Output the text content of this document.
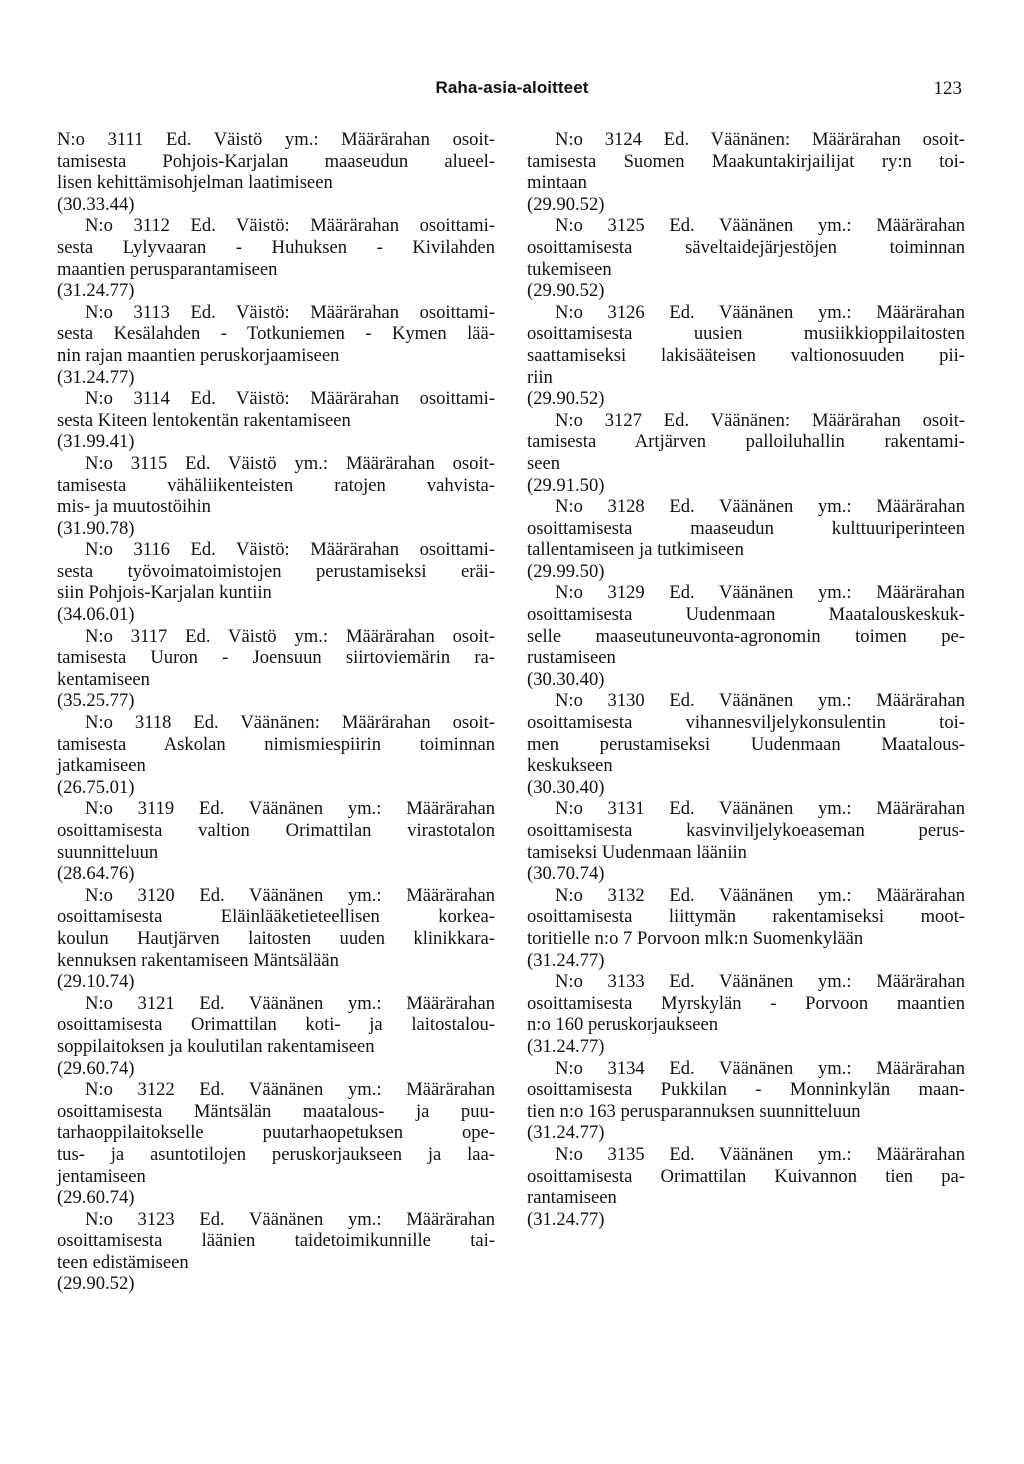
Raha-asia-aloitteet	123
N:o 3111 Ed. Väistö ym.: Määrärahan osoit-
tamisesta Pohjois-Karjalan maaseudun alueel-
lisen kehittämisohjelman laatimiseen
(30.33.44)
N:o 3112 Ed. Väistö: Määrärahan osoittami-
sesta Lylyvaaran - Huhuksen - Kivilahden
maantien perusparantamiseen
(31.24.77)
N:o 3113 Ed. Väistö: Määrärahan osoittami-
sesta Kesälahden - Totkuniemen - Kymen lää-
nin rajan maantien peruskorjaamiseen
(31.24.77)
N:o 3114 Ed. Väistö: Määrärahan osoittami-
sesta Kiteen lentokentän rakentamiseen
(31.99.41)
N:o 3115 Ed. Väistö ym.: Määrärahan osoit-
tamisesta vähäliikenteisten ratojen vahvista-
mis- ja muutostöihin
(31.90.78)
N:o 3116 Ed. Väistö: Määrärahan osoittami-
sesta työvoimatoimistojen perustamiseksi eräi-
siin Pohjois-Karjalan kuntiin
(34.06.01)
N:o 3117 Ed. Väistö ym.: Määrärahan osoit-
tamisesta Uuron - Joensuun siirtoviemärin ra-
kentamiseen
(35.25.77)
N:o 3118 Ed. Väänänen: Määrärahan osoit-
tamisesta Askolan nimismiespiirin toiminnan
jatkamiseen
(26.75.01)
N:o 3119 Ed. Väänänen ym.: Määrärahan
osoittamisesta valtion Orimattilan virastotalon
suunnitteluun
(28.64.76)
N:o 3120 Ed. Väänänen ym.: Määrärahan
osoittamisesta Eläinlääketieteellisen korkea-
koulun Hautjärven laitosten uuden klinikkara-
kennuksen rakentamiseen Mäntsälään
(29.10.74)
N:o 3121 Ed. Väänänen ym.: Määrärahan
osoittamisesta Orimattilan koti- ja laitostalou-
soppilaitoksen ja koulutilan rakentamiseen
(29.60.74)
N:o 3122 Ed. Väänänen ym.: Määrärahan
osoittamisesta Mäntsälän maatalous- ja puu-
tarhaoppilaitokselle puutarhaopetuksen ope-
tus- ja asuntotilojen peruskorjaukseen ja laa-
jentamiseen
(29.60.74)
N:o 3123 Ed. Väänänen ym.: Määrärahan
osoittamisesta läänien taidetoimikunnille tai-
teen edistämiseen
(29.90.52)
N:o 3124 Ed. Väänänen: Määrärahan osoit-
tamisesta Suomen Maakuntakirjailijat ry:n toi-
mintaan
(29.90.52)
N:o 3125 Ed. Väänänen ym.: Määrärahan
osoittamisesta säveltaidejärjestöjen toiminnan
tukemiseen
(29.90.52)
N:o 3126 Ed. Väänänen ym.: Määrärahan
osoittamisesta uusien musiikkioppilaitosten
saattamiseksi lakisääteisen valtionosuuden pii-
riin
(29.90.52)
N:o 3127 Ed. Väänänen: Määrärahan osoit-
tamisesta Artjärven palloiluhallin rakentami-
seen
(29.91.50)
N:o 3128 Ed. Väänänen ym.: Määrärahan
osoittamisesta maaseudun kulttuuriperinteen
tallentamiseen ja tutkimiseen
(29.99.50)
N:o 3129 Ed. Väänänen ym.: Määrärahan
osoittamisesta Uudenmaan Maatalouskeskuk-
selle maaseutuneuvonta-agronomin toimen pe-
rustamiseen
(30.30.40)
N:o 3130 Ed. Väänänen ym.: Määrärahan
osoittamisesta vihannesviljelykonsulentin toi-
men perustamiseksi Uudenmaan Maatalous-
keskukseen
(30.30.40)
N:o 3131 Ed. Väänänen ym.: Määrärahan
osoittamisesta kasvinviljelykoeaseman perus-
tamiseksi Uudenmaan lääniin
(30.70.74)
N:o 3132 Ed. Väänänen ym.: Määrärahan
osoittamisesta liittymän rakentamiseksi moot-
toritielle n:o 7 Porvoon mlk:n Suomenkylään
(31.24.77)
N:o 3133 Ed. Väänänen ym.: Määrärahan
osoittamisesta Myrskylän - Porvoon maantien
n:o 160 peruskorjaukseen
(31.24.77)
N:o 3134 Ed. Väänänen ym.: Määrärahan
osoittamisesta Pukkilan - Monninkylän maan-
tien n:o 163 perusparannuksen suunnitteluun
(31.24.77)
N:o 3135 Ed. Väänänen ym.: Määrärahan
osoittamisesta Orimattilan Kuivannon tien pa-
rantamiseen
(31.24.77)
